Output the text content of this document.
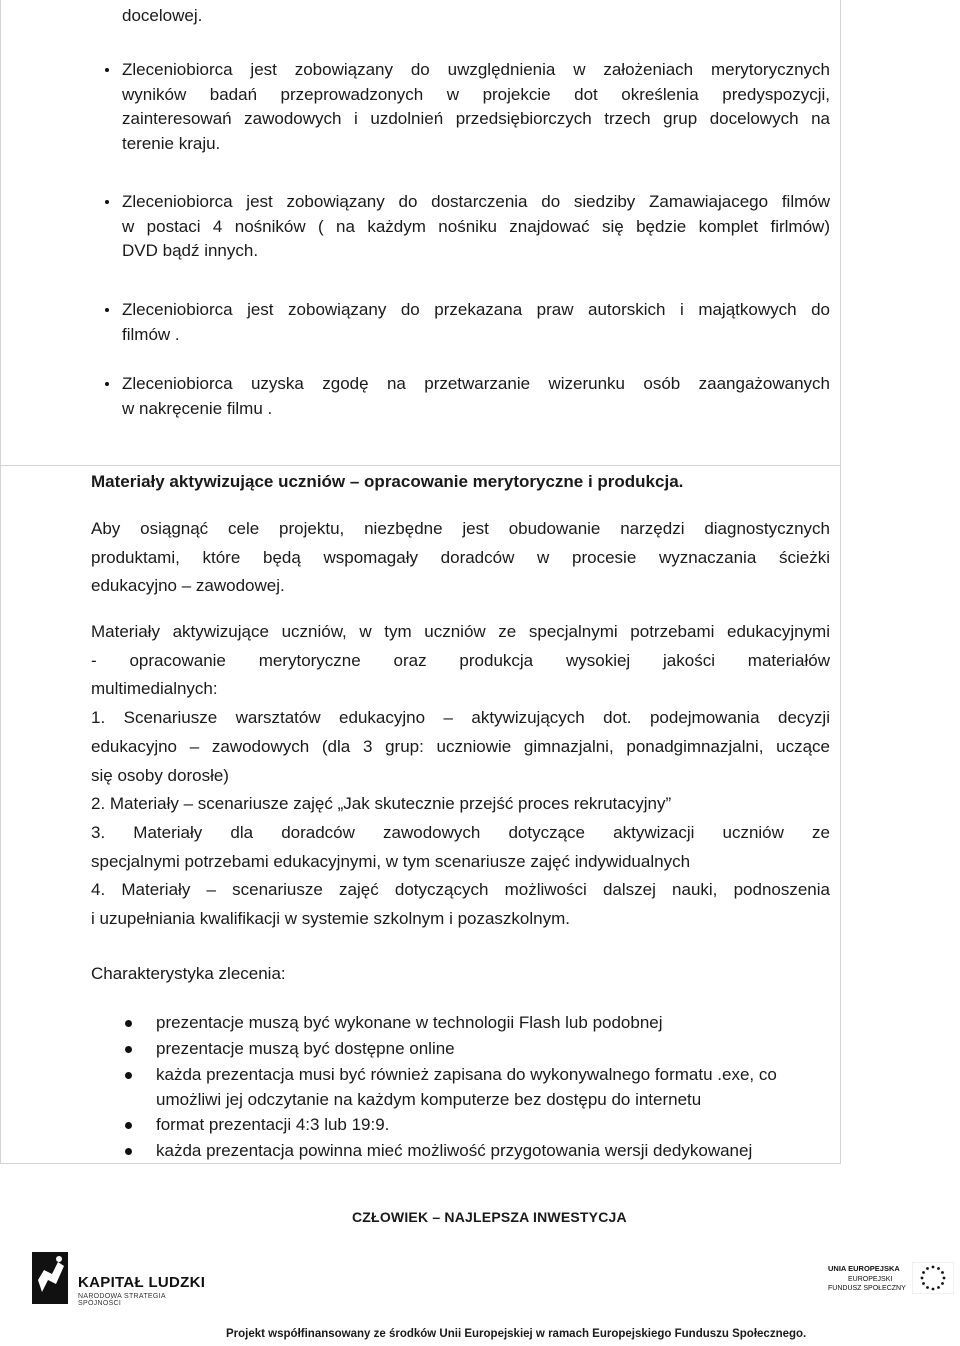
docelowej.

Zleceniobiorca jest zobowiązany do uwzględnienia w założeniach merytorycznych
wyników badań przeprowadzonych w projekcie dot określenia predyspozycji,
zainteresowań zawodowych i uzdolnień przedsiębiorczych trzech grup docelowych na
terenie kraju.
Zleceniobiorca jest zobowiązany do dostarczenia do siedziby Zamawiajacego filmów
w postaci 4 nośników ( na każdym nośniku znajdować się będzie komplet firlmów)
DVD bądź innych.
Zleceniobiorca jest zobowiązany do przekazana praw autorskich i majątkowych do
filmów .
Zleceniobiorca uzyska zgodę na przetwarzanie wizerunku osób zaangażowanych
w nakręcenie filmu .

Materiały aktywizujące uczniów – opracowanie merytoryczne i produkcja.

Aby osiągnąć cele projektu, niezbędne jest obudowanie narzędzi diagnostycznych
produktami, które będą wspomagały doradców w procesie wyznaczania ścieżki
edukacyjno – zawodowej.
Materiały aktywizujące uczniów, w tym uczniów ze specjalnymi potrzebami edukacyjnymi
- opracowanie merytoryczne oraz produkcja wysokiej jakości materiałów
multimedialnych:
1. Scenariusze warsztatów edukacyjno – aktywizujących dot. podejmowania decyzji
edukacyjno – zawodowych (dla 3 grup: uczniowie gimnazjalni, ponadgimnazjalni, uczące
się osoby dorosłe)
2. Materiały – scenariusze zajęć „Jak skutecznie przejść proces rekrutacyjny”
3. Materiały dla doradców zawodowych dotyczące aktywizacji uczniów ze
specjalnymi potrzebami edukacyjnymi, w tym scenariusze zajęć indywidualnych
4. Materiały – scenariusze zajęć dotyczących możliwości dalszej nauki, podnoszenia
i uzupełniania kwalifikacji w systemie szkolnym i pozaszkolnym.

Charakterystyka zlecenia:

prezentacje muszą być wykonane w technologii Flash lub podobnej

prezentacje muszą być dostępne online

każda prezentacja musi być również zapisana do wykonywalnego formatu .exe, co

umożliwi jej odczytanie na każdym komputerze bez dostępu do internetu

format prezentacji 4:3 lub 19:9.

każda prezentacja powinna mieć możliwość przygotowania wersji dedykowanej

CZŁOWIEK – NAJLEPSZA INWESTYCJA
KAPITAŁ LUDZKI
NARODOWA STRATEGIA SPÓJNOŚCI
UNIA EUROPEJSKA
EUROPEJSKI
FUNDUSZ SPOŁECZNY
Projekt współfinansowany ze środków Unii Europejskiej w ramach Europejskiego Funduszu Społecznego.
